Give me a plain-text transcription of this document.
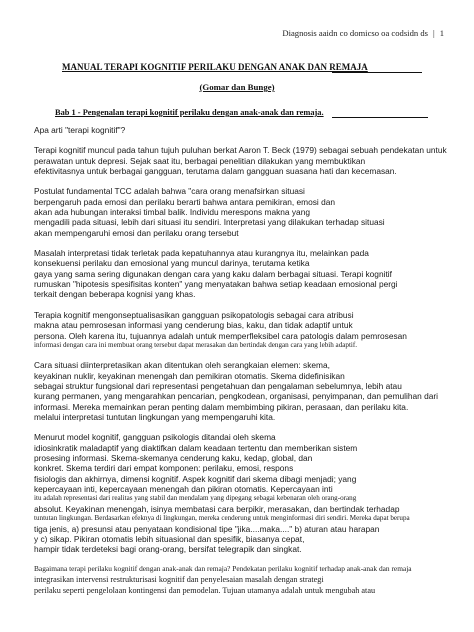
Diagnosis aaidn co domicso oa codsidn ds | 1
MANUAL TERAPI KOGNITIF PERILAKU DENGAN ANAK DAN REMAJA
(Gomar dan Bunge)
Bab 1 - Pengenalan terapi kognitif perilaku dengan anak-anak dan remaja.
Apa arti "terapi kognitif"?
Terapi kognitif muncul pada tahun tujuh puluhan berkat Aaron T. Beck (1979) sebagai sebuah pendekatan untuk
perawatan untuk depresi. Sejak saat itu, berbagai penelitian dilakukan yang membuktikan
efektivitasnya untuk berbagai gangguan, terutama dalam gangguan suasana hati dan kecemasan.
Postulat fundamental TCC adalah bahwa "cara orang menafsirkan situasi
berpengaruh pada emosi dan perilaku berarti bahwa antara pemikiran, emosi dan
akan ada hubungan interaksi timbal balik. Individu merespons makna yang
mengadili pada situasi, lebih dari situasi itu sendiri. Interpretasi yang dilakukan terhadap situasi
akan mempengaruhi emosi dan perilaku orang tersebut
Masalah interpretasi tidak terletak pada kepatuhannya atau kurangnya itu, melainkan pada
konsekuensi perilaku dan emosional yang muncul darinya, terutama ketika
gaya yang sama sering digunakan dengan cara yang kaku dalam berbagai situasi. Terapi kognitif
rumuskan "hipotesis spesifisitas konten" yang menyatakan bahwa setiap keadaan emosional pergi
terkait dengan beberapa kognisi yang khas.
Terapia kognitif mengonseptualisasikan gangguan psikopatologis sebagai cara atribusi
makna atau pemrosesan informasi yang cenderung bias, kaku, dan tidak adaptif untuk
persona. Oleh karena itu, tujuannya adalah untuk memperfleksibel cara patologis dalam pemrosesan
informasi dengan cara ini membuat orang tersebut dapat merasakan dan bertindak dengan cara yang lebih adaptif.
Cara situasi diinterpretasikan akan ditentukan oleh serangkaian elemen: skema,
keyakinan nuklir, keyakinan menengah dan pemikiran otomatis. Skema didefinisikan
sebagai struktur fungsional dari representasi pengetahuan dan pengalaman sebelumnya, lebih atau
kurang permanen, yang mengarahkan pencarian, pengkodean, organisasi, penyimpanan, dan pemulihan dari
informasi. Mereka memainkan peran penting dalam membimbing pikiran, perasaan, dan perilaku kita.
melalui interpretasi tuntutan lingkungan yang mempengaruhi kita.
Menurut model kognitif, gangguan psikologis ditandai oleh skema
idiosinkratik maladaptif yang diaktifkan dalam keadaan tertentu dan memberikan sistem
prosesing informasi. Skema-skemanya cenderung kaku, kedap, global, dan
konkret. Skema terdiri dari empat komponen: perilaku, emosi, respons
fisiologis dan akhirnya, dimensi kognitif. Aspek kognitif dari skema dibagi menjadi; yang
kepercayaan inti, kepercayaan menengah dan pikiran otomatis. Kepercayaan inti
itu adalah representasi dari realitas yang stabil dan mendalam yang dipegang sebagai kebenaran oleh orang-orang
absolut. Keyakinan menengah, isinya membatasi cara berpikir, merasakan, dan bertindak terhadap
tuntutan lingkungan. Berdasarkan efeknya di lingkungan, mereka cenderung untuk menginformasi diri sendiri. Mereka dapat berupa
tiga jenis, a) presunsi atau penyataan kondisional tipe "jika....maka...." b) aturan atau harapan
y c) sikap. Pikiran otomatis lebih situasional dan spesifik, biasanya cepat,
hampir tidak terdeteksi bagi orang-orang, bersifat telegrapik dan singkat.
Bagaimana terapi perilaku kognitif dengan anak-anak dan remaja? Pendekatan perilaku kognitif terhadap anak-anak dan remaja
integrasikan intervensi restrukturisasi kognitif dan penyelesaian masalah dengan strategi
perilaku seperti pengelolaan kontingensi dan pemodelan. Tujuan utamanya adalah untuk mengubah atau
